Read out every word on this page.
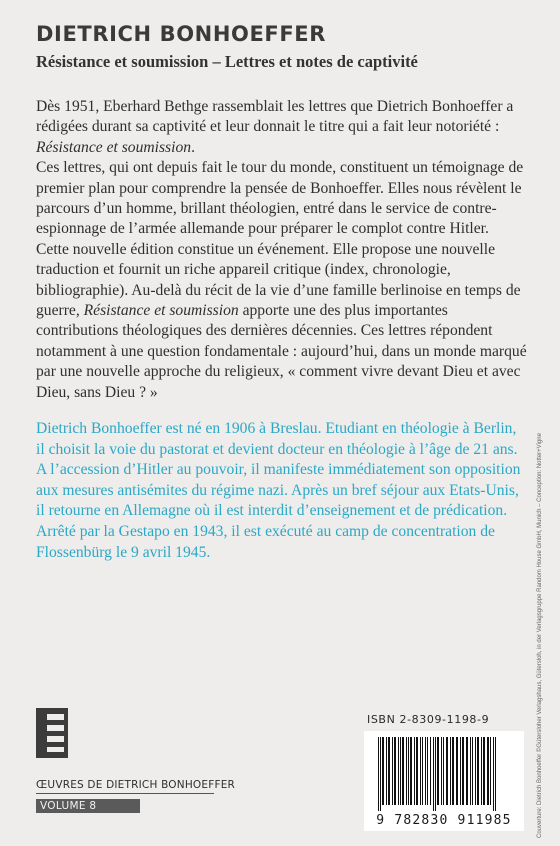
DIETRICH BONHOEFFER
Résistance et soumission – Lettres et notes de captivité

Dès 1951, Eberhard Bethge rassemblait les lettres que Dietrich Bonhoeffer a rédigées durant sa captivité et leur donnait le titre qui a fait leur notoriété : Résistance et soumission.

Ces lettres, qui ont depuis fait le tour du monde, constituent un témoignage de premier plan pour comprendre la pensée de Bonhoeffer. Elles nous révèlent le parcours d’un homme, brillant théologien, entré dans le service de contre-espionnage de l’armée allemande pour préparer le complot contre Hitler.

Cette nouvelle édition constitue un événement. Elle propose une nouvelle traduction et fournit un riche appareil critique (index, chronologie, bibliographie). Au-delà du récit de la vie d’une famille berlinoise en temps de guerre, Résistance et soumission apporte une des plus importantes contributions théologiques des dernières décennies. Ces lettres répondent notamment à une question fondamentale : aujourd’hui, dans un monde marqué par une nouvelle approche du religieux, « comment vivre devant Dieu et avec Dieu, sans Dieu ? »

Dietrich Bonhoeffer est né en 1906 à Breslau. Etudiant en théologie à Berlin, il choisit la voie du pastorat et devient docteur en théologie à l’âge de 21 ans. A l’accession d’Hitler au pouvoir, il manifeste immédiatement son opposition aux mesures antisémites du régime nazi. Après un bref séjour aux Etats-Unis, il retourne en Allemagne où il est interdit d’enseignement et de prédication. Arrêté par la Gestapo en 1943, il est exécuté au camp de concentration de Flossenbürg le 9 avril 1945.

ŒUVRES DE DIETRICH BONHOEFFER
VOLUME 8
ISBN 2-8309-1198-9
9 782830 911985	Couverture: Dietrich Bonhoeffer ©Gütersloher Verlagshaus, Gütersloh, in der Verlagsgruppe Random House GmbH, Munich – Conception: Notter+Vigne
